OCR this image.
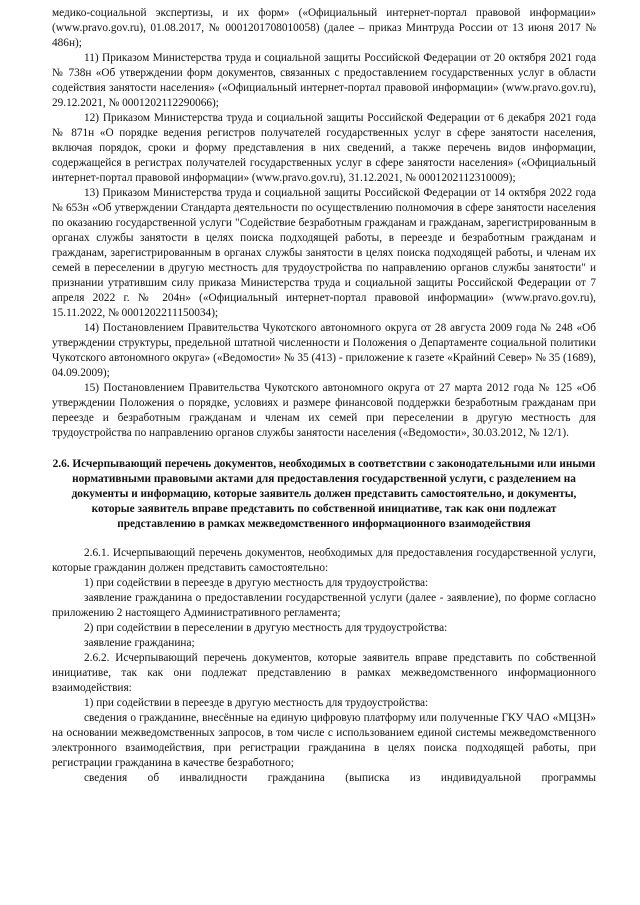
медико-социальной экспертизы, и их форм» («Официальный интернет-портал правовой информации» (www.pravo.gov.ru), 01.08.2017, № 0001201708010058) (далее – приказ Минтруда России от 13 июня 2017 № 486н);

11) Приказом Министерства труда и социальной защиты Российской Федерации от 20 октября 2021 года № 738н «Об утверждении форм документов, связанных с предоставлением государственных услуг в области содействия занятости населения» («Официальный интернет-портал правовой информации» (www.pravo.gov.ru), 29.12.2021, № 0001202112290066);

12) Приказом Министерства труда и социальной защиты Российской Федерации от 6 декабря 2021 года № 871н «О порядке ведения регистров получателей государственных услуг в сфере занятости населения, включая порядок, сроки и форму представления в них сведений, а также перечень видов информации, содержащейся в регистрах получателей государственных услуг в сфере занятости населения» («Официальный интернет-портал правовой информации» (www.pravo.gov.ru), 31.12.2021, № 0001202112310009);

13) Приказом Министерства труда и социальной защиты Российской Федерации от 14 октября 2022 года № 653н «Об утверждении Стандарта деятельности по осуществлению полномочия в сфере занятости населения по оказанию государственной услуги "Содействие безработным гражданам и гражданам, зарегистрированным в органах службы занятости в целях поиска подходящей работы, в переезде и безработным гражданам и гражданам, зарегистрированным в органах службы занятости в целях поиска подходящей работы, и членам их семей в переселении в другую местность для трудоустройства по направлению органов службы занятости" и признании утратившим силу приказа Министерства труда и социальной защиты Российской Федерации от 7 апреля 2022 г. № 204н» («Официальный интернет-портал правовой информации» (www.pravo.gov.ru), 15.11.2022, № 0001202211150034);

14) Постановлением Правительства Чукотского автономного округа от 28 августа 2009 года № 248 «Об утверждении структуры, предельной штатной численности и Положения о Департаменте социальной политики Чукотского автономного округа» («Ведомости» № 35 (413) - приложение к газете «Крайний Север» № 35 (1689), 04.09.2009);

15) Постановлением Правительства Чукотского автономного округа от 27 марта 2012 года № 125 «Об утверждении Положения о порядке, условиях и размере финансовой поддержки безработным гражданам при переезде и безработным гражданам и членам их семей при переселении в другую местность для трудоустройства по направлению органов службы занятости населения («Ведомости», 30.03.2012, № 12/1).

2.6. Исчерпывающий перечень документов, необходимых в соответствии с законодательными или иными нормативными правовыми актами для предоставления государственной услуги, с разделением на документы и информацию, которые заявитель должен представить самостоятельно, и документы, которые заявитель вправе представить по собственной инициативе, так как они подлежат представлению в рамках межведомственного информационного взаимодействия

2.6.1. Исчерпывающий перечень документов, необходимых для предоставления государственной услуги, которые гражданин должен представить самостоятельно:

1) при содействии в переезде в другую местность для трудоустройства:

заявление гражданина о предоставлении государственной услуги (далее - заявление), по форме согласно приложению 2 настоящего Административного регламента;

2) при содействии в переселении в другую местность для трудоустройства:

заявление гражданина;

2.6.2. Исчерпывающий перечень документов, которые заявитель вправе представить по собственной инициативе, так как они подлежат представлению в рамках межведомственного информационного взаимодействия:

1) при содействии в переезде в другую местность для трудоустройства:

сведения о гражданине, внесённые на единую цифровую платформу или полученные ГКУ ЧАО «МЦЗН» на основании межведомственных запросов, в том числе с использованием единой системы межведомственного электронного взаимодействия, при регистрации гражданина в целях поиска подходящей работы, при регистрации гражданина в качестве безработного;

сведения об инвалидности гражданина (выписка из индивидуальной программы
